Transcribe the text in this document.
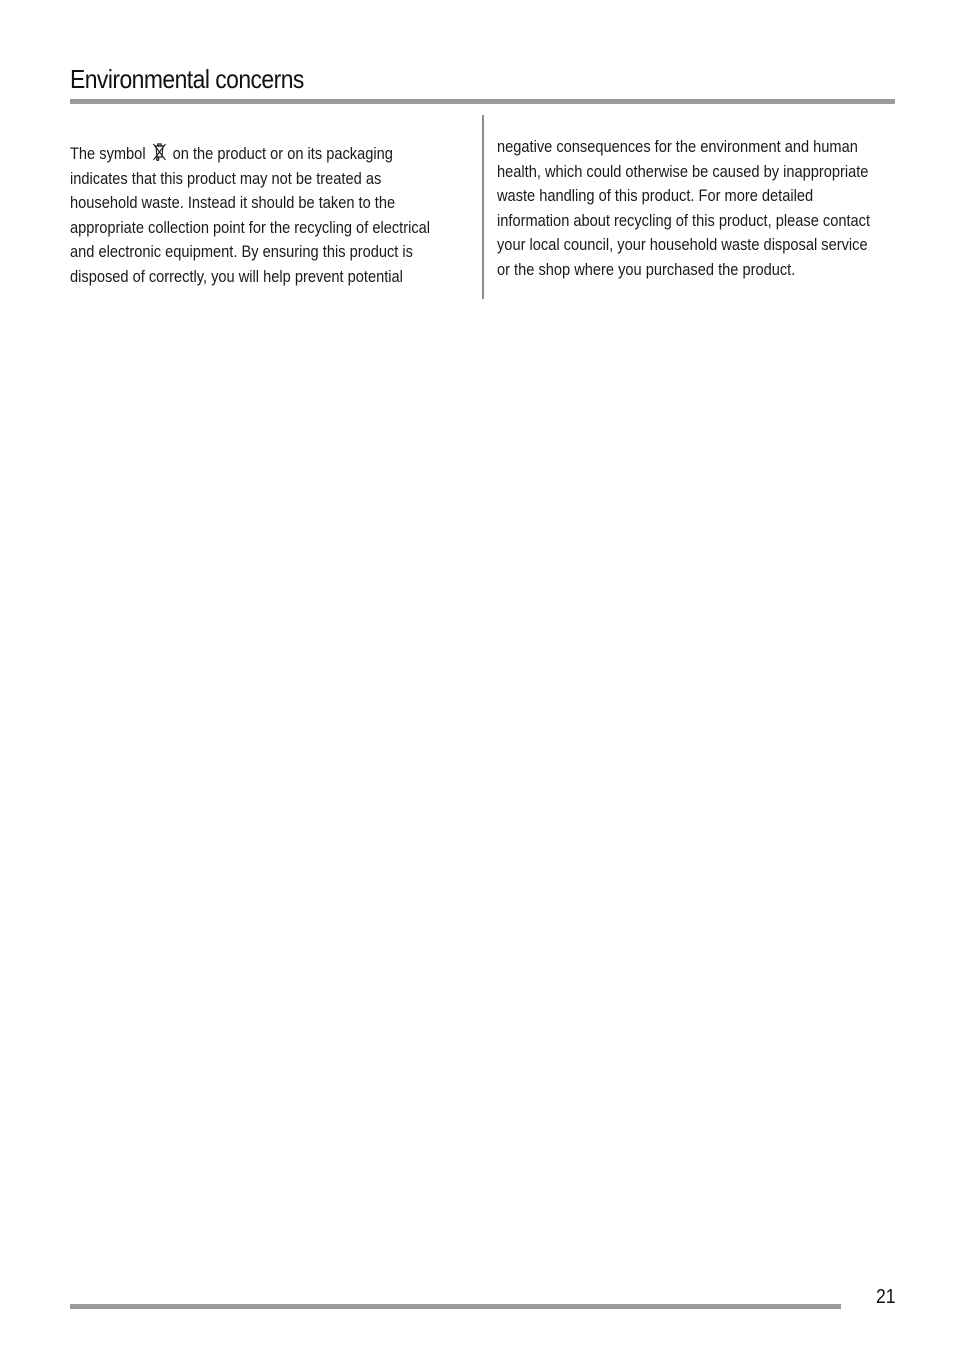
Environmental concerns
The symbol on the product or on its packaging
indicates that this product may not be treated as
household waste. Instead it should be taken to the
appropriate collection point for the recycling of electrical
and electronic equipment. By ensuring this product is
disposed of correctly, you will help prevent potential
negative consequences for the environment and human
health, which could otherwise be caused by inappropriate
waste handling of this product. For more detailed
information about recycling of this product, please contact
your local council, your household waste disposal service
or the shop where you purchased the product.
21
